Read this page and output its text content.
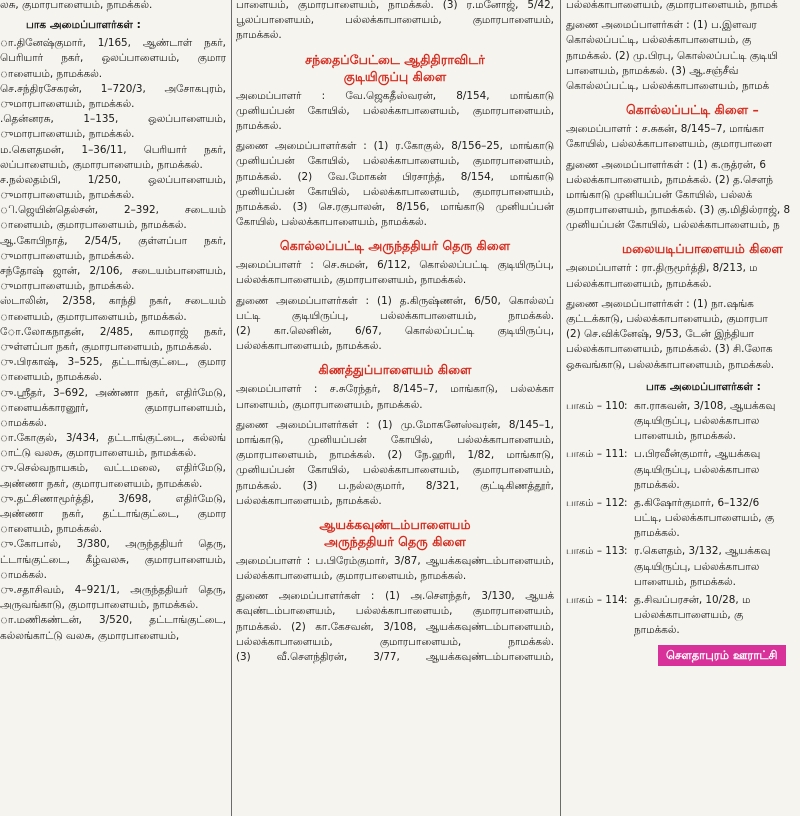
லசு, குமாரபாளையம், நாமக்கல்.
பாக அமைப்பாளர்கள் :
ா.தினேஷ்குமார், 1/165, ஆண்டாள் நகர்,
பெரியார் நகர், ஒலப்பாளையம், குமார
ாளையம், நாமக்கல்.
செ.சந்திரசேகரன், 1–720/3, அசோகபுரம்,
ுமாரபாளையம், நாமக்கல்.
.தென்னரசு, 1–135, ஒலப்பாளையம்,
ுமாரபாளையம், நாமக்கல்.
ம.கௌதமன், 1–36/11, பெரியார் நகர்,
லப்பாளையம், குமாரபாளையம், நாமக்கல்.
ச.நல்லதம்பி, 1/250, ஒலப்பாளையம்,
ுமாரபாளையம், நாமக்கல்.
ி.ஜெயின்தெல்சன், 2–392, சடையம்
ாளையம், குமாரபாளையம், நாமக்கல்.
ஆ.கோபிநாத், 2/54/5, குள்ளப்பா நகர்,
ுமாரபாளையம், நாமக்கல்.
சந்தோஷ் ஜான், 2/106, சடையம்பாளையம்,
ுமாரபாளையம், நாமக்கல்.
ஸ்டாலின், 2/358, காந்தி நகர், சடையம்
ாளையம், குமாரபாளையம், நாமக்கல்.
ோ.லோகநாதன், 2/485, காமராஜ் நகர்,
ுள்ளப்பா நகர், குமாரபாளையம், நாமக்கல்.
ு.பிரகாஷ், 3–525, தட்டாங்குட்டை, குமார
ாளையம், நாமக்கல்.
ு.ஸ்ரீதர், 3–692, அண்ணா நகர், எதிர்மேடு,
ாளையக்காரனூர், குமாரபாளையம்,
ாமக்கல்.
ா.கோகுல், 3/434, தட்டாங்குட்டை, கல்லங்
ாட்டு வலசு, குமாரபாளையம், நாமக்கல்.
ு.செல்வநாயகம், வட்டமலை, எதிர்மேடு,
அண்ணா நகர், குமாரபாளையம், நாமக்கல்.
ு.தட்சிணாமூர்த்தி, 3/698, எதிர்மேடு,
அண்ணா நகர், தட்டாங்குட்டை, குமார
ாளையம், நாமக்கல்.
ு.கோபால், 3/380, அருந்ததியர் தெரு,
ட்டாங்குட்டை, கீழ்வலசு, குமாரபாளையம்,
ாமக்கல்.
ு.சதாசிவம், 4–921/1, அருந்ததியர் தெரு,
அருவங்காடு, குமாரபாளையம், நாமக்கல்.
ா.மணிகண்டன், 3/520, தட்டாங்குட்டை,
கல்லங்காட்டு வலசு, குமாரபாளையம்,
பாளையம், குமாரபாளையம், நாமக்கல். (3) ர.மனோஜ், 5/42,
பூலப்பாளையம், பல்லக்காபாளையம், குமாரபாளையம்,
நாமக்கல்.
சந்தைப்பேட்டை ஆதிதிராவிடர்
குடியிருப்பு கிளை
அமைப்பாளர் : வே.ஜெகதீஸ்வரன், 8/154, மாங்காடு
முனியப்பன் கோயில், பல்லக்காபாளையம், குமாரபாளையம்,
நாமக்கல்.
துணை அமைப்பாளர்கள் : (1) ர.கோகுல், 8/156–25, மாங்காடு
முனியப்பன் கோயில், பல்லக்காபாளையம், குமாரபாளையம்,
நாமக்கல். (2) வே.மோகன் பிரசாந்த், 8/154, மாங்காடு
முனியப்பன் கோயில், பல்லக்காபாளையம், குமாரபாளையம்,
நாமக்கல். (3) செ.ரகுபாலன், 8/156, மாங்காடு முனியப்பன்
கோயில், பல்லக்காபாளையம், நாமக்கல்.
கொல்லப்பட்டி அருந்ததியர் தெரு கிளை
அமைப்பாளர் : செ.சுமன், 6/112, கொல்லப்பட்டி குடியிருப்பு,
பல்லக்காபாளையம், குமாரபாளையம், நாமக்கல்.
துணை அமைப்பாளர்கள் : (1) த.கிருஷ்ணன், 6/50, கொல்லப்
பட்டி குடியிருப்பு, பல்லக்காபாளையம், நாமக்கல்.
(2) கா.லெனின், 6/67, கொல்லப்பட்டி குடியிருப்பு,
பல்லக்காபாளையம், நாமக்கல்.
கிணத்துப்பாளையம் கிளை
அமைப்பாளர் : ச.சுரேந்தர், 8/145–7, மாங்காடு, பல்லக்கா
பாளையம், குமாரபாளையம், நாமக்கல்.
துணை அமைப்பாளர்கள் : (1) மு.மோகனேஸ்வரன், 8/145–1,
மாங்காடு, முனியப்பன் கோயில், பல்லக்காபாளையம்,
குமாரபாளையம், நாமக்கல். (2) நே.ஹரி, 1/82, மாங்காடு,
முனியப்பன் கோயில், பல்லக்காபாளையம், குமாரபாளையம்,
நாமக்கல். (3) ப.நல்லகுமார், 8/321, குட்டிகிணத்தூர்,
பல்லக்காபாளையம், நாமக்கல்.
ஆயக்கவுண்டம்பாளையம்
அருந்ததியர் தெரு கிளை
அமைப்பாளர் : ப.பிரேம்குமார், 3/87, ஆயக்கவுண்டம்பாளையம்,
பல்லக்காபாளையம், குமாரபாளையம், நாமக்கல்.
துணை அமைப்பாளர்கள் : (1) அ.சௌந்தர், 3/130, ஆயக்
கவுண்டம்பாளையம், பல்லக்காபாளையம், குமாரபாளையம்,
நாமக்கல். (2) கா.கேசவன், 3/108, ஆயக்கவுண்டம்பாளையம்,
பல்லக்காபாளையம், குமாரபாளையம், நாமக்கல்.
(3) வீ.சௌந்திரன், 3/77, ஆயக்கவுண்டம்பாளையம்,
பல்லக்காபாளையம், குமாரபாளையம், நாமக்
துணை அமைப்பாளர்கள் : (1) ப.இளவர
கொல்லப்பட்டி, பல்லக்காபாளையம், கு
நாமக்கல். (2) மு.பிரபு, கொல்லப்பட்டி குடியி
பாளையம், நாமக்கல். (3) ஆ.சஞ்சீவ்
கொல்லப்பட்டி, பல்லக்காபாளையம், நாமக்
கொல்லப்பட்டி கிளை –
அமைப்பாளர் : ச.சுகன், 8/145–7, மாங்கா
கோயில், பல்லக்காபாளையம், குமாரபாளை
துணை அமைப்பாளர்கள் : (1) க.ருத்ரன், 6
பல்லக்காபாளையம், நாமக்கல். (2) த.சௌந்
மாங்காடு முனியப்பன் கோயில், பல்லக்
குமாரபாளையம், நாமக்கல். (3) கு.மிதில்ராஜ், 8
முனியப்பன் கோயில், பல்லக்காபாளையம், ந
மலையடிப்பாளையம் கிளை
அமைப்பாளர் : ரா.திருமூர்த்தி, 8/213, ம
பல்லக்காபாளையம், நாமக்கல்.
துணை அமைப்பாளர்கள் : (1) நா.ஷங்க
குட்டக்காடு, பல்லக்காபாளையம், குமாரபா
(2) செ.விக்னேஷ், 9/53, டேன் இந்தியா
பல்லக்காபாளையம், நாமக்கல். (3) சி.லோக
ஒசுவங்காடு, பல்லக்காபாளையம், நாமக்கல்.
பாக அமைப்பாளர்கள் :
பாகம் – 110 : கா.ராகவன், 3/108, ஆயக்கவு
குடியிருப்பு, பல்லக்காபால
பாளையம், நாமக்கல்.
பாகம் – 111 : ப.பிரவீன்குமார், ஆயக்கவு
குடியிருப்பு, பல்லக்காபால
நாமக்கல்.
பாகம் – 112 : த.கிஷோர்குமார், 6–132/6
பட்டி, பல்லக்காபாளையம், கு
நாமக்கல்.
பாகம் – 113 : ர.கௌதம், 3/132, ஆயக்கவு
குடியிருப்பு, பல்லக்காபால
பாளையம், நாமக்கல்.
பாகம் – 114 : த.சிவப்பரசன், 10/28, ம
பல்லக்காபாளையம், கு
நாமக்கல்.
சௌதாபுரம் ஊராட்சி
